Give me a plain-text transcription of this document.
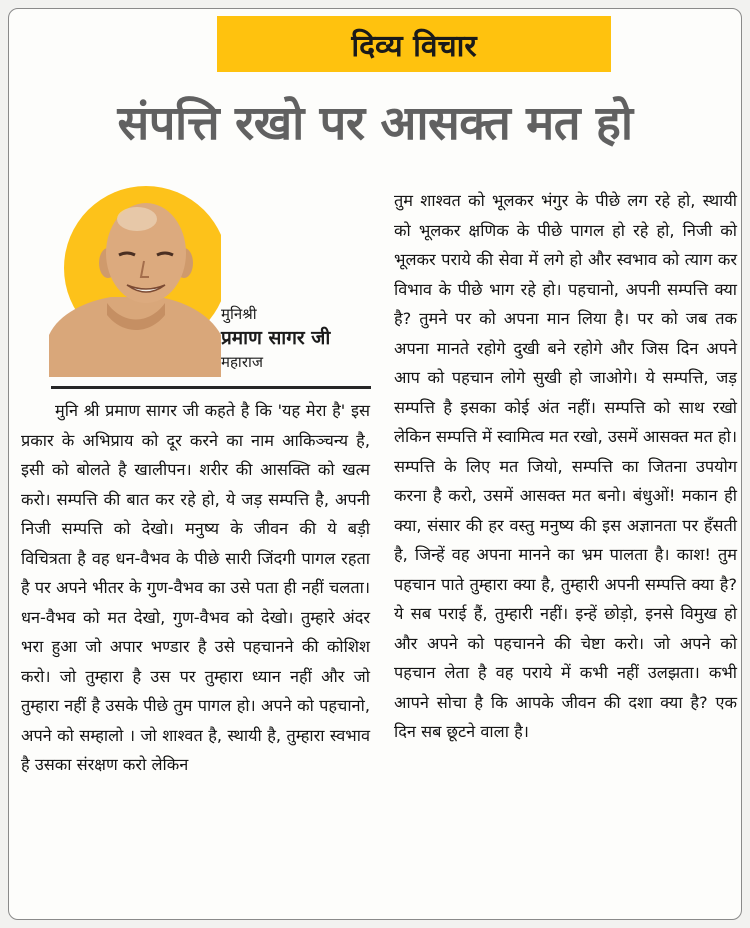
दिव्य विचार
संपत्ति रखो पर आसक्त मत हो
मुनिश्री
प्रमाण सागर जी
महाराज

मुनि श्री प्रमाण सागर जी कहते है कि 'यह मेरा है' इस प्रकार के अभिप्राय को दूर करने का नाम आकिञ्चन्य है, इसी को बोलते है खालीपन। शरीर की आसक्ति को खत्म करो। सम्पत्ति की बात कर रहे हो, ये जड़ सम्पत्ति है, अपनी निजी सम्पत्ति को देखो। मनुष्य के जीवन की ये बड़ी विचित्रता है वह धन-वैभव के पीछे सारी जिंदगी पागल रहता है पर अपने भीतर के गुण-वैभव का उसे पता ही नहीं चलता। धन-वैभव को मत देखो, गुण-वैभव को देखो। तुम्हारे अंदर भरा हुआ जो अपार भण्डार है उसे पहचानने की कोशिश करो। जो तुम्हारा है उस पर तुम्हारा ध्यान नहीं और जो तुम्हारा नहीं है उसके पीछे तुम पागल हो। अपने को पहचानो, अपने को सम्हालो । जो शाश्वत है, स्थायी है, तुम्हारा स्वभाव है उसका संरक्षण करो लेकिन

तुम शाश्वत को भूलकर भंगुर के पीछे लग रहे हो, स्थायी को भूलकर क्षणिक के पीछे पागल हो रहे हो, निजी को भूलकर पराये की सेवा में लगे हो और स्वभाव को त्याग कर विभाव के पीछे भाग रहे हो। पहचानो, अपनी सम्पत्ति क्या है? तुमने पर को अपना मान लिया है। पर को जब तक अपना मानते रहोगे दुखी बने रहोगे और जिस दिन अपने आप को पहचान लोगे सुखी हो जाओगे। ये सम्पत्ति, जड़ सम्पत्ति है इसका कोई अंत नहीं। सम्पत्ति को साथ रखो लेकिन सम्पत्ति में स्वामित्व मत रखो, उसमें आसक्त मत हो। सम्पत्ति के लिए मत जियो, सम्पत्ति का जितना उपयोग करना है करो, उसमें आसक्त मत बनो। बंधुओं! मकान ही क्या, संसार की हर वस्तु मनुष्य की इस अज्ञानता पर हँसती है, जिन्हें वह अपना मानने का भ्रम पालता है। काश! तुम पहचान पाते तुम्हारा क्या है, तुम्हारी अपनी सम्पत्ति क्या है? ये सब पराई हैं, तुम्हारी नहीं। इन्हें छोड़ो, इनसे विमुख हो और अपने को पहचानने की चेष्टा करो। जो अपने को पहचान लेता है वह पराये में कभी नहीं उलझता। कभी आपने सोचा है कि आपके जीवन की दशा क्या है? एक दिन सब छूटने वाला है।
